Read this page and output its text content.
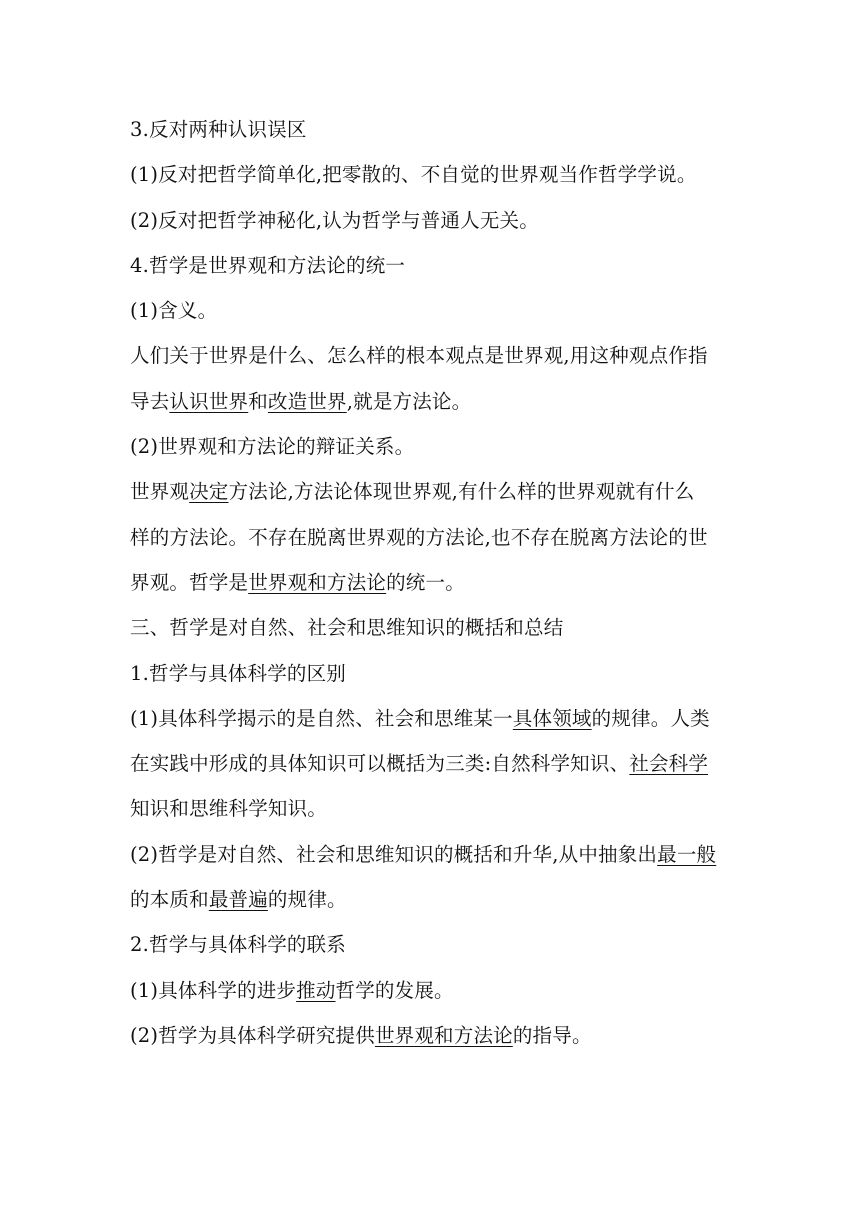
3.反对两种认识误区
(1)反对把哲学简单化,把零散的、不自觉的世界观当作哲学学说。
(2)反对把哲学神秘化,认为哲学与普通人无关。
4.哲学是世界观和方法论的统一
(1)含义。
人们关于世界是什么、怎么样的根本观点是世界观,用这种观点作指
导去认识世界和改造世界,就是方法论。
(2)世界观和方法论的辩证关系。
世界观决定方法论,方法论体现世界观,有什么样的世界观就有什么
样的方法论。不存在脱离世界观的方法论,也不存在脱离方法论的世
界观。哲学是世界观和方法论的统一。
三、哲学是对自然、社会和思维知识的概括和总结
1.哲学与具体科学的区别
(1)具体科学揭示的是自然、社会和思维某一具体领域的规律。人类
在实践中形成的具体知识可以概括为三类:自然科学知识、社会科学
知识和思维科学知识。
(2)哲学是对自然、社会和思维知识的概括和升华,从中抽象出最一般
的本质和最普遍的规律。
2.哲学与具体科学的联系
(1)具体科学的进步推动哲学的发展。
(2)哲学为具体科学研究提供世界观和方法论的指导。
